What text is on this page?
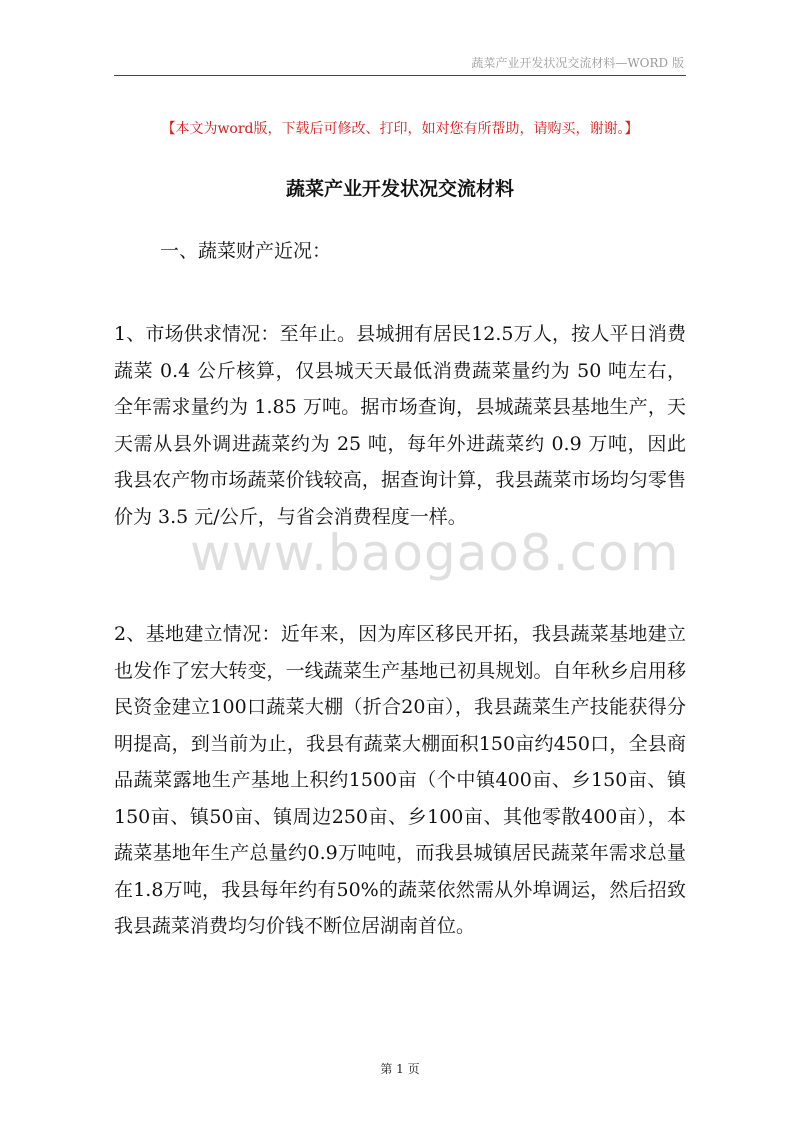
蔬菜产业开发状况交流材料—WORD 版
【本文为word版，下载后可修改、打印，如对您有所帮助，请购买，谢谢。】
蔬菜产业开发状况交流材料
一、蔬菜财产近况：

1、市场供求情况：至年止。县城拥有居民12.5万人，按人平日消费蔬菜 0.4 公斤核算，仅县城天天最低消费蔬菜量约为 50 吨左右，全年需求量约为 1.85 万吨。据市场查询，县城蔬菜县基地生产，天天需从县外调进蔬菜约为 25 吨，每年外进蔬菜约 0.9 万吨，因此我县农产物市场蔬菜价钱较高，据查询计算，我县蔬菜市场均匀零售价为 3.5 元/公斤，与省会消费程度一样。

www.baogao8.com

2、基地建立情况：近年来，因为库区移民开拓，我县蔬菜基地建立也发作了宏大转变，一线蔬菜生产基地已初具规划。自年秋乡启用移民资金建立100口蔬菜大棚（折合20亩），我县蔬菜生产技能获得分明提高，到当前为止，我县有蔬菜大棚面积150亩约450口，全县商品蔬菜露地生产基地上积约1500亩（个中镇400亩、乡150亩、镇150亩、镇50亩、镇周边250亩、乡100亩、其他零散400亩），本蔬菜基地年生产总量约0.9万吨吨，而我县城镇居民蔬菜年需求总量在1.8万吨，我县每年约有50%的蔬菜依然需从外埠调运，然后招致我县蔬菜消费均匀价钱不断位居湖南首位。

第 1 页
